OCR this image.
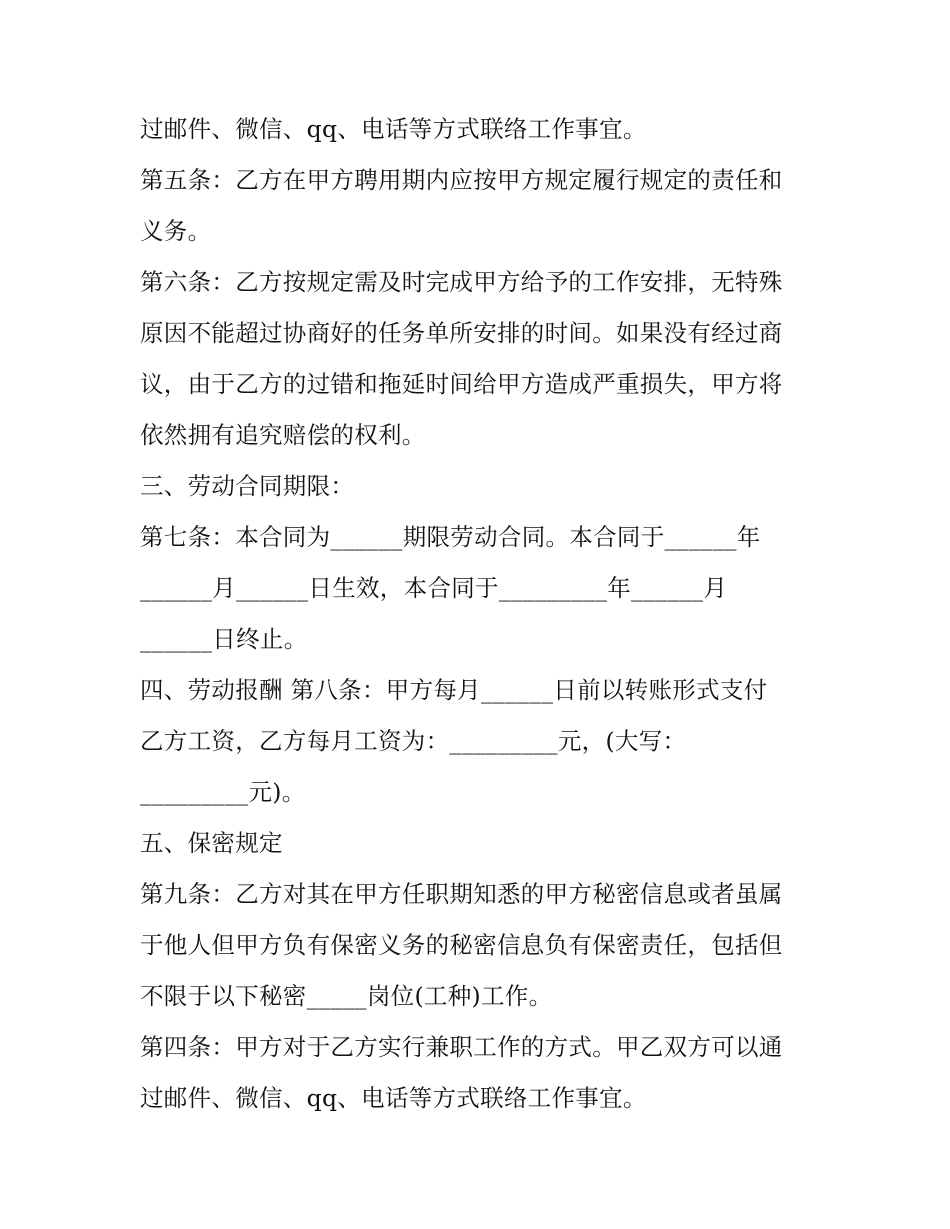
过邮件、微信、qq、电话等方式联络工作事宜。
第五条：乙方在甲方聘用期内应按甲方规定履行规定的责任和
义务。
第六条：乙方按规定需及时完成甲方给予的工作安排，无特殊
原因不能超过协商好的任务单所安排的时间。如果没有经过商
议，由于乙方的过错和拖延时间给甲方造成严重损失，甲方将
依然拥有追究赔偿的权利。
三、劳动合同期限：
第七条：本合同为______期限劳动合同。本合同于______年
______月______日生效，本合同于_________年______月
______日终止。
四、劳动报酬 第八条：甲方每月______日前以转账形式支付
乙方工资，乙方每月工资为：_________元，(大写：
_________元)。
五、保密规定
第九条：乙方对其在甲方任职期知悉的甲方秘密信息或者虽属
于他人但甲方负有保密义务的秘密信息负有保密责任，包括但
不限于以下秘密_____岗位(工种)工作。
第四条：甲方对于乙方实行兼职工作的方式。甲乙双方可以通
过邮件、微信、qq、电话等方式联络工作事宜。
